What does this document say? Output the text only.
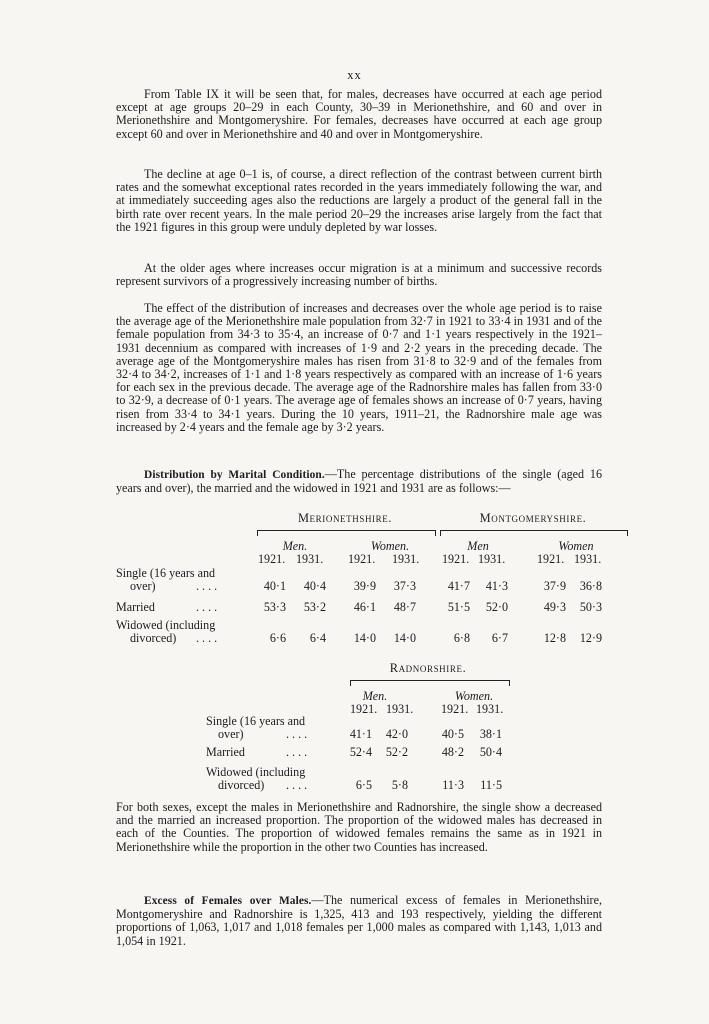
xx

From Table IX it will be seen that, for males, decreases have occurred at each age period except at age groups 20–29 in each County, 30–39 in Merionethshire, and 60 and over in Merionethshire and Montgomeryshire. For females, decreases have occurred at each age group except 60 and over in Merionethshire and 40 and over in Montgomeryshire.

The decline at age 0–1 is, of course, a direct reflection of the contrast between current birth rates and the somewhat exceptional rates recorded in the years immediately following the war, and at immediately succeeding ages also the reductions are largely a product of the general fall in the birth rate over recent years. In the male period 20–29 the increases arise largely from the fact that the 1921 figures in this group were unduly depleted by war losses.

At the older ages where increases occur migration is at a minimum and successive records represent survivors of a progressively increasing number of births.

The effect of the distribution of increases and decreases over the whole age period is to raise the average age of the Merionethshire male population from 32·7 in 1921 to 33·4 in 1931 and of the female population from 34·3 to 35·4, an increase of 0·7 and 1·1 years respectively in the 1921–1931 decennium as compared with increases of 1·9 and 2·2 years in the preceding decade. The average age of the Montgomeryshire males has risen from 31·8 to 32·9 and of the females from 32·4 to 34·2, increases of 1·1 and 1·8 years respectively as compared with an increase of 1·6 years for each sex in the previous decade. The average age of the Radnorshire males has fallen from 33·0 to 32·9, a decrease of 0·1 years. The average age of females shows an increase of 0·7 years, having risen from 33·4 to 34·1 years. During the 10 years, 1911–21, the Radnorshire male age was increased by 2·4 years and the female age by 3·2 years.

Distribution by Marital Condition.—The percentage distributions of the single (aged 16 years and over), the married and the widowed in 1921 and 1931 are as follows:—

Merionethshire.	Montgomeryshire.
Men.	Women.	Men	Women
1921. 1931. 1921. 1931. 1921. 1931.	1921. 1931.
Single (16 years and
over)	. . . .	40·1	40·4	39·9	37·3	41·7	41·3	37·9	36·8
Married	. . . .	53·3	53·2	46·1	48·7	51·5	52·0	49·3	50·3
Widowed (including
divorced) . . . .	6·6	6·4	14·0	14·0	6·8	6·7	12·8	12·9
Radnorshire.
Men.	Women.
1921. 1931. 1921. 1931.
Single (16 years and
over)	. . . .	41·1	42·0	40·5	38·1
Married	. . . .	52·4	52·2	48·2	50·4
Widowed (including
divorced) . . . .	6·5	5·8	11·3	11·5

For both sexes, except the males in Merionethshire and Radnorshire, the single show a decreased and the married an increased proportion. The proportion of the widowed males has decreased in each of the Counties. The proportion of widowed females remains the same as in 1921 in Merionethshire while the proportion in the other two Counties has increased.

Excess of Females over Males.—The numerical excess of females in Merionethshire, Montgomeryshire and Radnorshire is 1,325, 413 and 193 respectively, yielding the different proportions of 1,063, 1,017 and 1,018 females per 1,000 males as compared with 1,143, 1,013 and 1,054 in 1921.
